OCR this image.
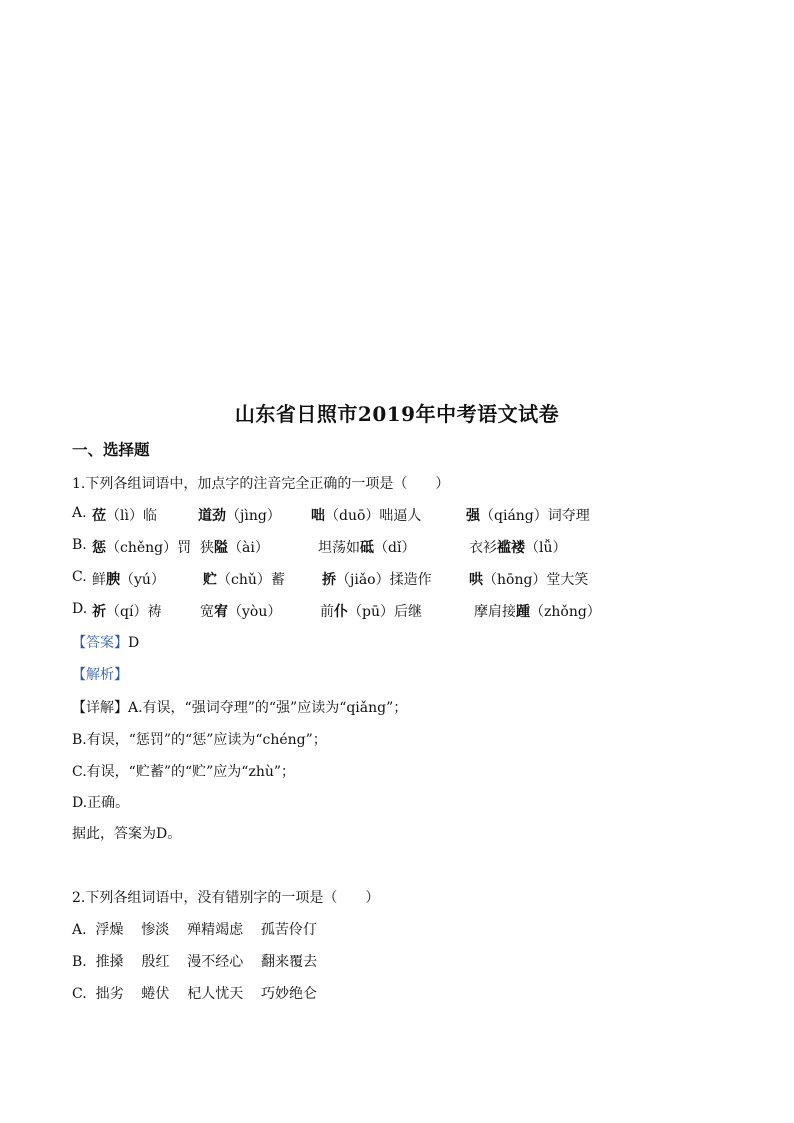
山东省日照市2019年中考语文试卷
一、选择题
1.下列各组词语中，加点字的注音完全正确的一项是（　　）
A. 莅（lì）临	道劲（jìng） 咄（duō）咄逼人	强（qiáng）词夺理
B. 惩（chěng）罚 狭隘（ài）	坦荡如砥（dǐ）	衣衫褴褛（lǚ）
C. 鲜腴（yú）	贮（chǔ）蓄	挢（jiǎo）揉造作	哄（hōng）堂大笑
D. 祈（qí）祷	宽宥（yòu）	前仆（pū）后继	摩肩接踵（zhǒng）
【答案】D
【解析】
【详解】A.有误，“强词夺理”的“强”应读为“qiǎng”；
B.有误，“惩罚”的“惩”应读为“chéng”；
C.有误，“贮蓄”的“贮”应为“zhù”；
D.正确。
据此，答案为D。
2.下列各组词语中，没有错别字的一项是（　　）
A. 浮燥 惨淡 殚精竭虑 孤苦伶仃
B. 推搡 殷红 漫不经心 翻来覆去
C. 拙劣 蜷伏 杞人忧天 巧妙绝仑
